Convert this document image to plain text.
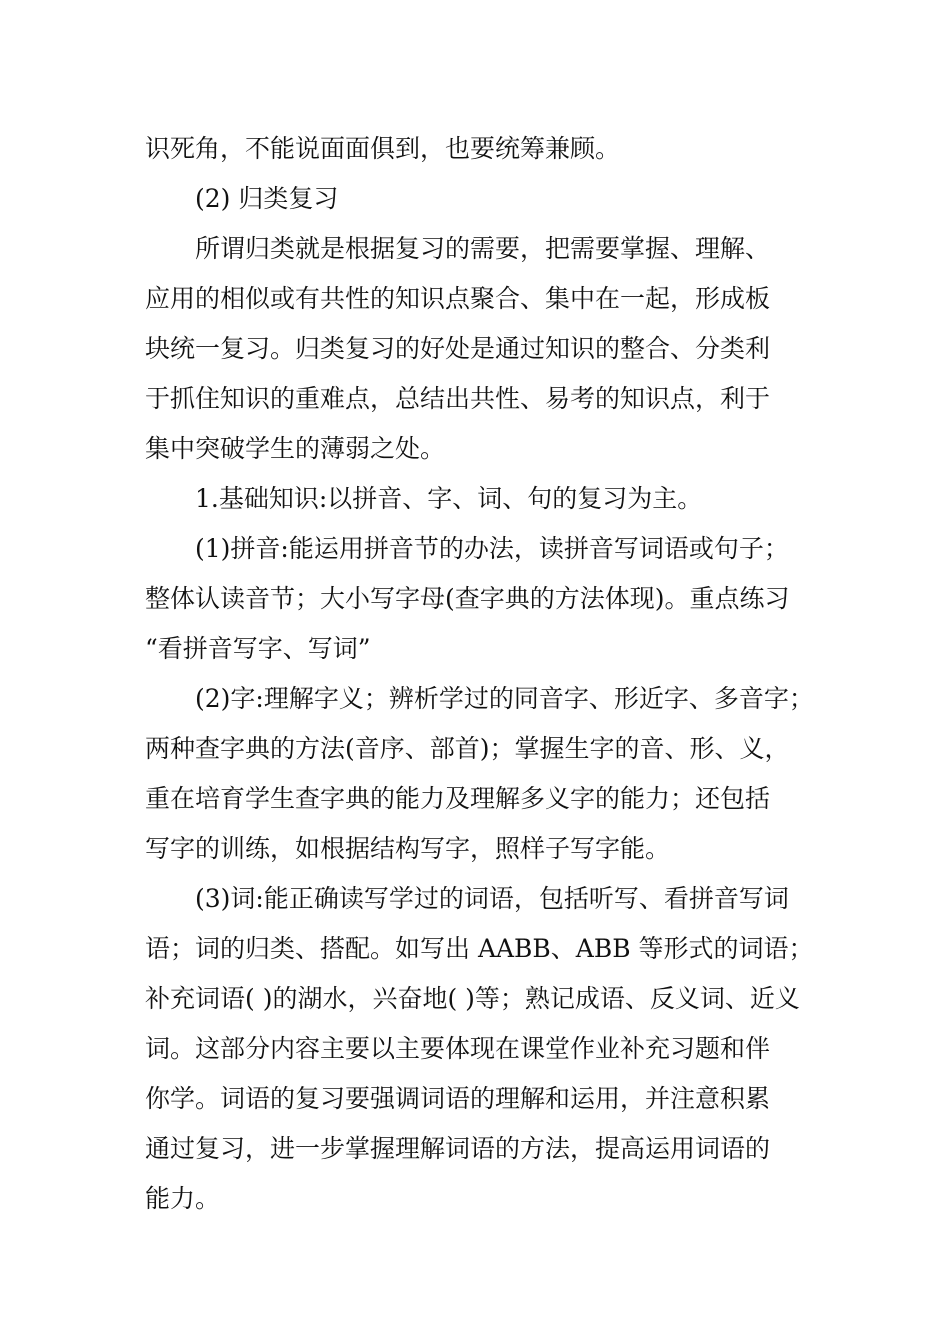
识死角，不能说面面俱到，也要统筹兼顾。
(2) 归类复习
所谓归类就是根据复习的需要，把需要掌握、理解、
应用的相似或有共性的知识点聚合、集中在一起，形成板
块统一复习。归类复习的好处是通过知识的整合、分类利
于抓住知识的重难点，总结出共性、易考的知识点，利于
集中突破学生的薄弱之处。
1.基础知识:以拼音、字、词、句的复习为主。
(1)拼音:能运用拼音节的办法，读拼音写词语或句子；
整体认读音节；大小写字母(查字典的方法体现)。重点练习
“看拼音写字、写词”
(2)字:理解字义；辨析学过的同音字、形近字、多音字；
两种查字典的方法(音序、部首)；掌握生字的音、形、义，
重在培育学生查字典的能力及理解多义字的能力；还包括
写字的训练，如根据结构写字，照样子写字能。
(3)词:能正确读写学过的词语，包括听写、看拼音写词
语；词的归类、搭配。如写出 AABB、ABB 等形式的词语；
补充词语( )的湖水，兴奋地( )等；熟记成语、反义词、近义
词。这部分内容主要以主要体现在课堂作业补充习题和伴
你学。词语的复习要强调词语的理解和运用，并注意积累
通过复习，进一步掌握理解词语的方法，提高运用词语的
能力。
